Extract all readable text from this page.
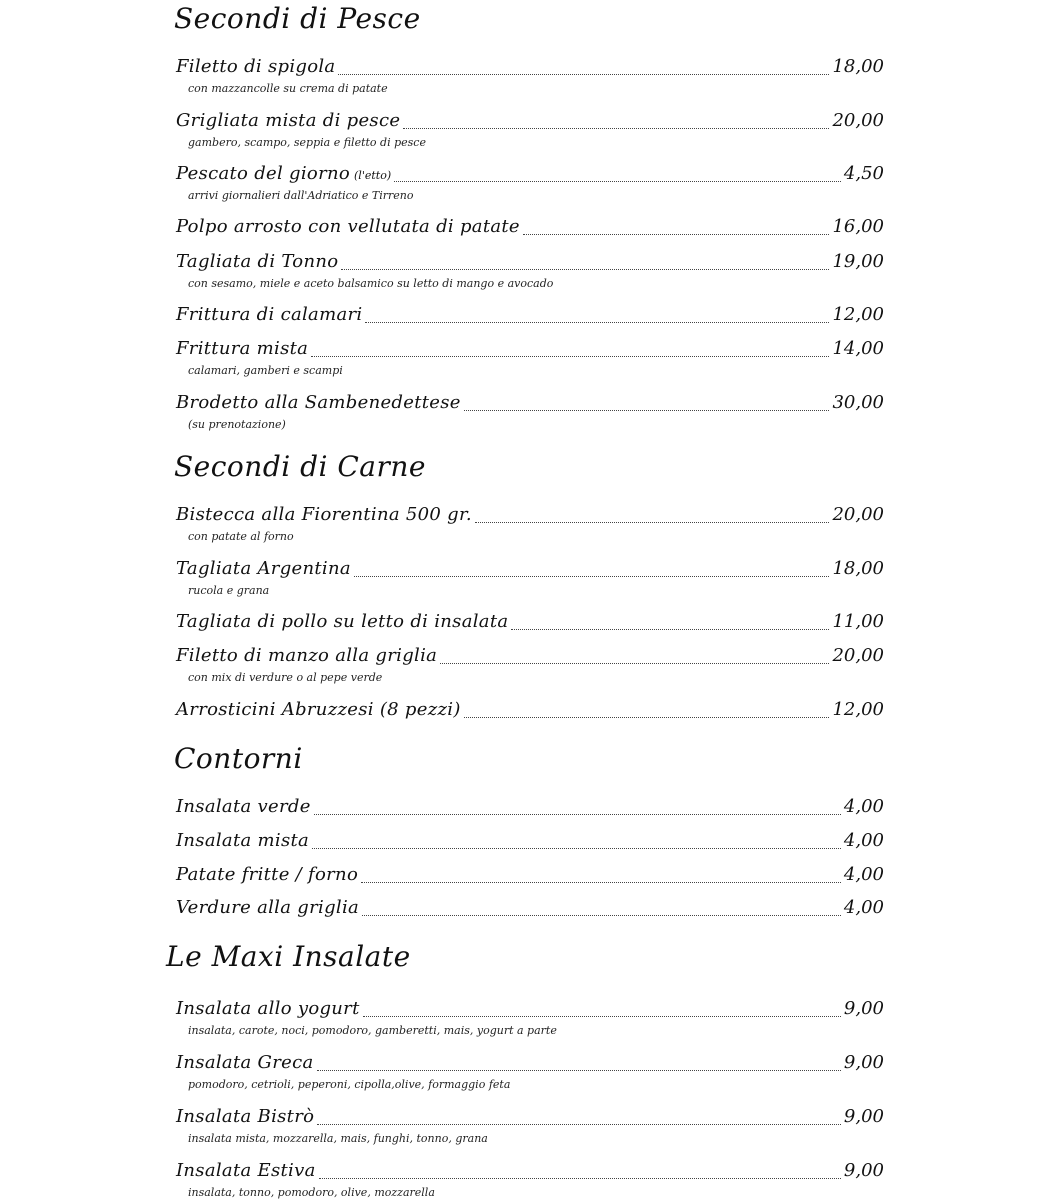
Secondi di Pesce
Filetto di spigola	18,00
con mazzancolle su crema di patate
Grigliata mista di pesce	20,00
gambero, scampo, seppia e filetto di pesce
Pescato del giorno (l'etto)	4,50
arrivi giornalieri dall'Adriatico e Tirreno
Polpo arrosto con vellutata di patate	16,00
Tagliata di Tonno	19,00
con sesamo, miele e aceto balsamico su letto di mango e avocado
Frittura di calamari	12,00
Frittura mista	14,00
calamari, gamberi e scampi
Brodetto alla Sambenedettese	30,00
(su prenotazione)
Secondi di Carne
Bistecca alla Fiorentina 500 gr.	20,00
con patate al forno
Tagliata Argentina	18,00
rucola e grana
Tagliata di pollo su letto di insalata	11,00
Filetto di manzo alla griglia	20,00
con mix di verdure o al pepe verde
Arrosticini Abruzzesi (8 pezzi)	12,00
Contorni
Insalata verde	4,00
Insalata mista	4,00
Patate fritte / forno	4,00
Verdure alla griglia	4,00
Le Maxi Insalate
Insalata allo yogurt	9,00
insalata, carote, noci, pomodoro, gamberetti, mais, yogurt a parte
Insalata Greca	9,00
pomodoro, cetrioli, peperoni, cipolla,olive, formaggio feta
Insalata Bistrò	9,00
insalata mista, mozzarella, mais, funghi, tonno, grana
Insalata Estiva	9,00
insalata, tonno, pomodoro, olive, mozzarella
